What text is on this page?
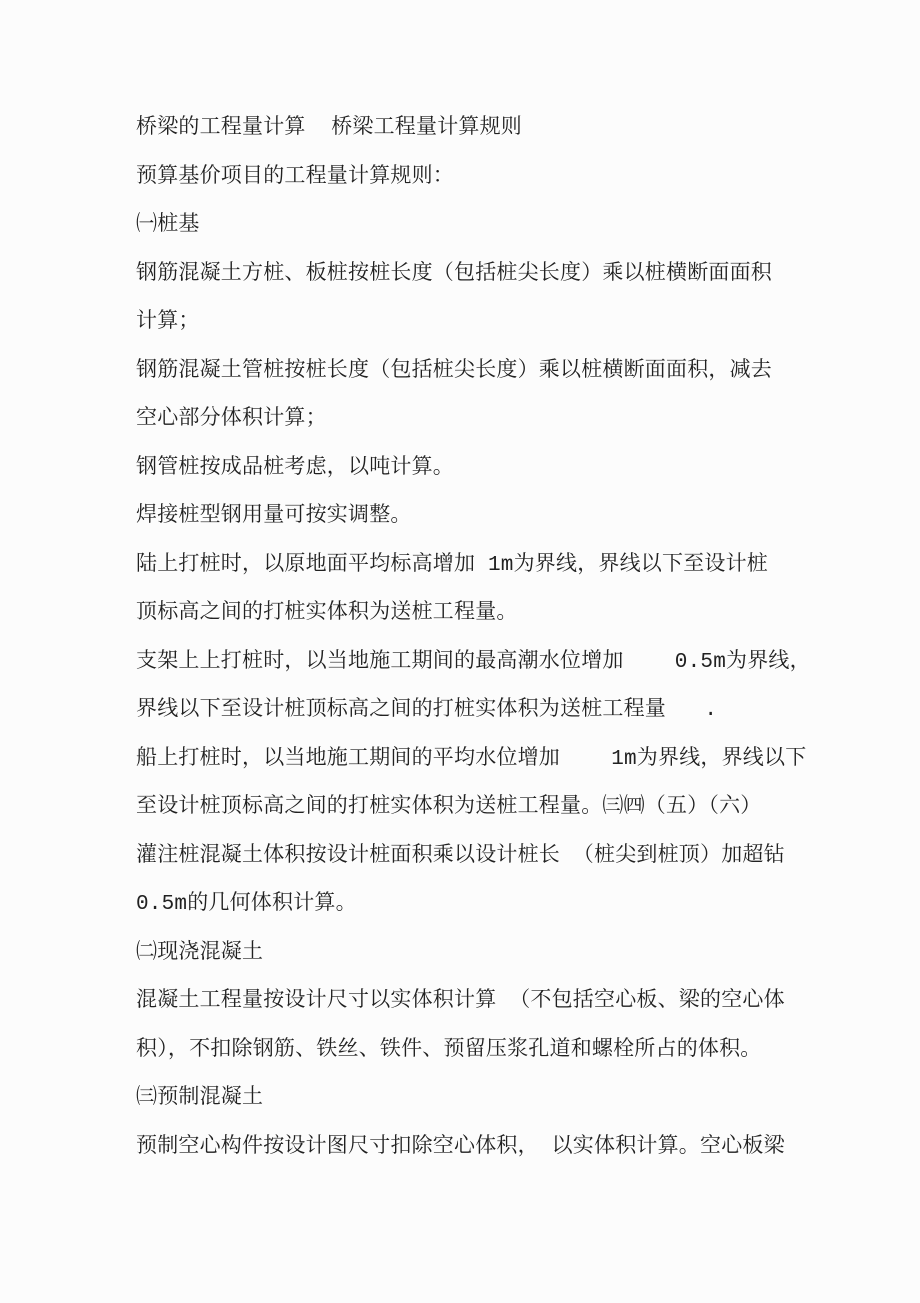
桥梁的工程量计算  桥梁工程量计算规则
预算基价项目的工程量计算规则：
㈠桩基
钢筋混凝土方桩、板桩按桩长度（包括桩尖长度）乘以桩横断面面积
计算；
钢筋混凝土管桩按桩长度（包括桩尖长度）乘以桩横断面面积，减去
空心部分体积计算；
钢管桩按成品桩考虑，以吨计算。
焊接桩型钢用量可按实调整。
陆上打桩时，以原地面平均标高增加 1m为界线，界线以下至设计桩
顶标高之间的打桩实体积为送桩工程量。
支架上上打桩时，以当地施工期间的最高潮水位增加    0.5m为界线，
界线以下至设计桩顶标高之间的打桩实体积为送桩工程量   .
船上打桩时，以当地施工期间的平均水位增加    1m为界线，界线以下
至设计桩顶标高之间的打桩实体积为送桩工程量。㈢㈣（五）（六）
灌注桩混凝土体积按设计桩面积乘以设计桩长 （桩尖到桩顶）加超钻
0.5m的几何体积计算。
㈡现浇混凝土
混凝土工程量按设计尺寸以实体积计算 （不包括空心板、梁的空心体
积），不扣除钢筋、铁丝、铁件、预留压浆孔道和螺栓所占的体积。
㈢预制混凝土
预制空心构件按设计图尺寸扣除空心体积， 以实体积计算。空心板梁
